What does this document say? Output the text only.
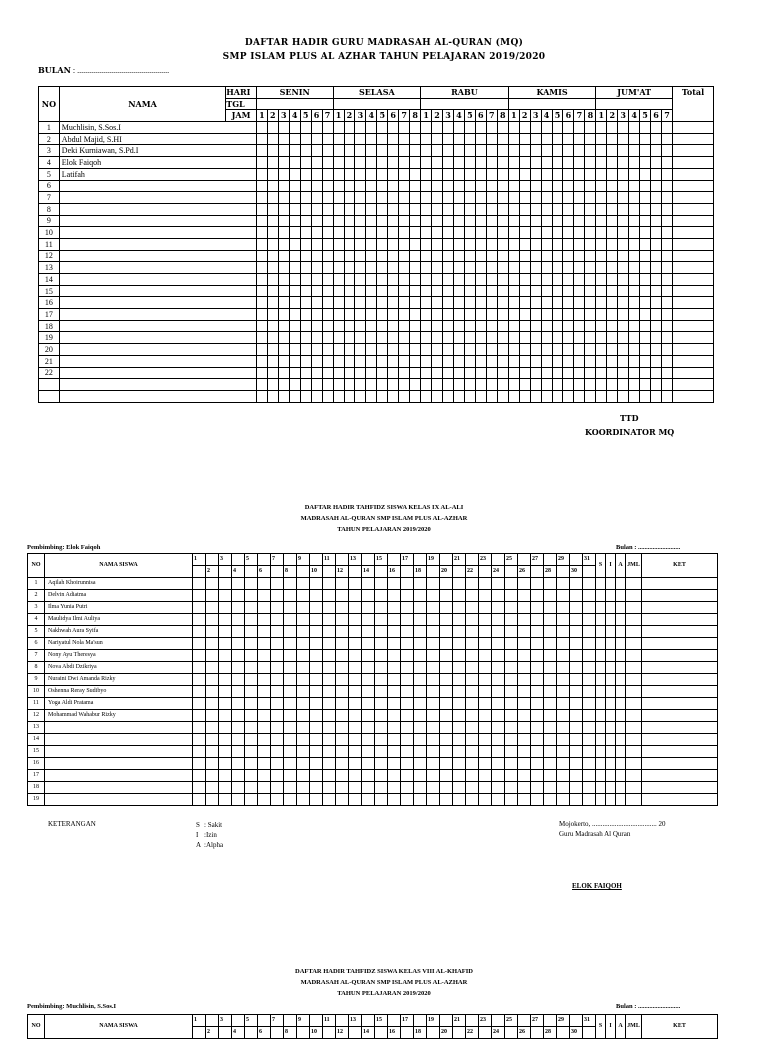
DAFTAR HADIR GURU MADRASAH AL-QURAN (MQ)
SMP ISLAM PLUS AL AZHAR TAHUN PELAJARAN 2019/2020
BULAN : ..............................................
NO	NAMA	HARI	SENIN							SELASA								RABU								KAMIS								JUM'AT							Total
		TGL																																							
		JAM	1	2	3	4	5	6	7	1	2	3	4	5	6	7	8	1	2	3	4	5	6	7	8	1	2	3	4	5	6	7	8	1	2	3	4	5	6	7	
1	Muchlisin, S.Sos.I																																								
2	Abdul Majid, S.HI																																								
3	Deki Kurniawan, S.Pd.I																																								
4	Elok Faiqoh																																								
5	Latifah																																								
6																																									
7																																									
8																																									
9																																									
10																																									
11																																									
12																																									
13																																									
14																																									
15																																									
16																																									
17																																									
18																																									
19																																									
20																																									
21																																									
22																																									

TTD
KOORDINATOR MQ
DAFTAR HADIR TAHFIDZ SISWA KELAS IX AL-ALI
MADRASAH AL-QURAN SMP ISLAM PLUS AL-AZHAR
TAHUN PELAJARAN 2019/2020
Pembimbing: Elok Faiqoh	Bulan : ..........................
NO	NAMA SISWA	1		3		5		7		9		11		13		15		17		19		21		23		25		27		29		31	S	I	A	JML	KET
			2		4		6		8		10		12		14		16		18		20		22		24		26		28		30						
1	Aqilah Khoirunnisa																																				
2	Delvin Adiatma																																				
3	Ilma Yunia Putri																																				
4	Maulidya Ilmi Auliya																																				
5	Nakhwah Aura Syifa																																				
6	Nariyatul Nola Ma'sun																																				
7	Nony Ayu Theresya																																				
8	Nova Abdi Dzikriya																																				
9	Nuraini Dwi Amanda Rizky																																				
10	Oshenna Reray Sudibyo																																				
11	Yoga Aldi Pratama																																				
12	Mohammad Wahabur Rizky																																				
13																																					
14																																					
15																																					
16																																					
17																																					
18																																					
19																																					
KETERANGAN	S : Sakit
I :Izin
A :Alpha
Mojokerto, ..................................... 20
Guru Madrasah Al Quran
ELOK FAIQOH
DAFTAR HADIR TAHFIDZ SISWA KELAS VIII AL-KHAFID
MADRASAH AL-QURAN SMP ISLAM PLUS AL-AZHAR
TAHUN PELAJARAN 2019/2020
Pembimbing: Muchlisin, S.Sos.I	Bulan : ..........................
NO	NAMA SISWA	1		3		5		7		9		11		13		15		17		19		21		23		25		27		29		31	S	I	A	JML	KET
			2		4		6		8		10		12		14		16		18		20		22		24		26		28		30						
